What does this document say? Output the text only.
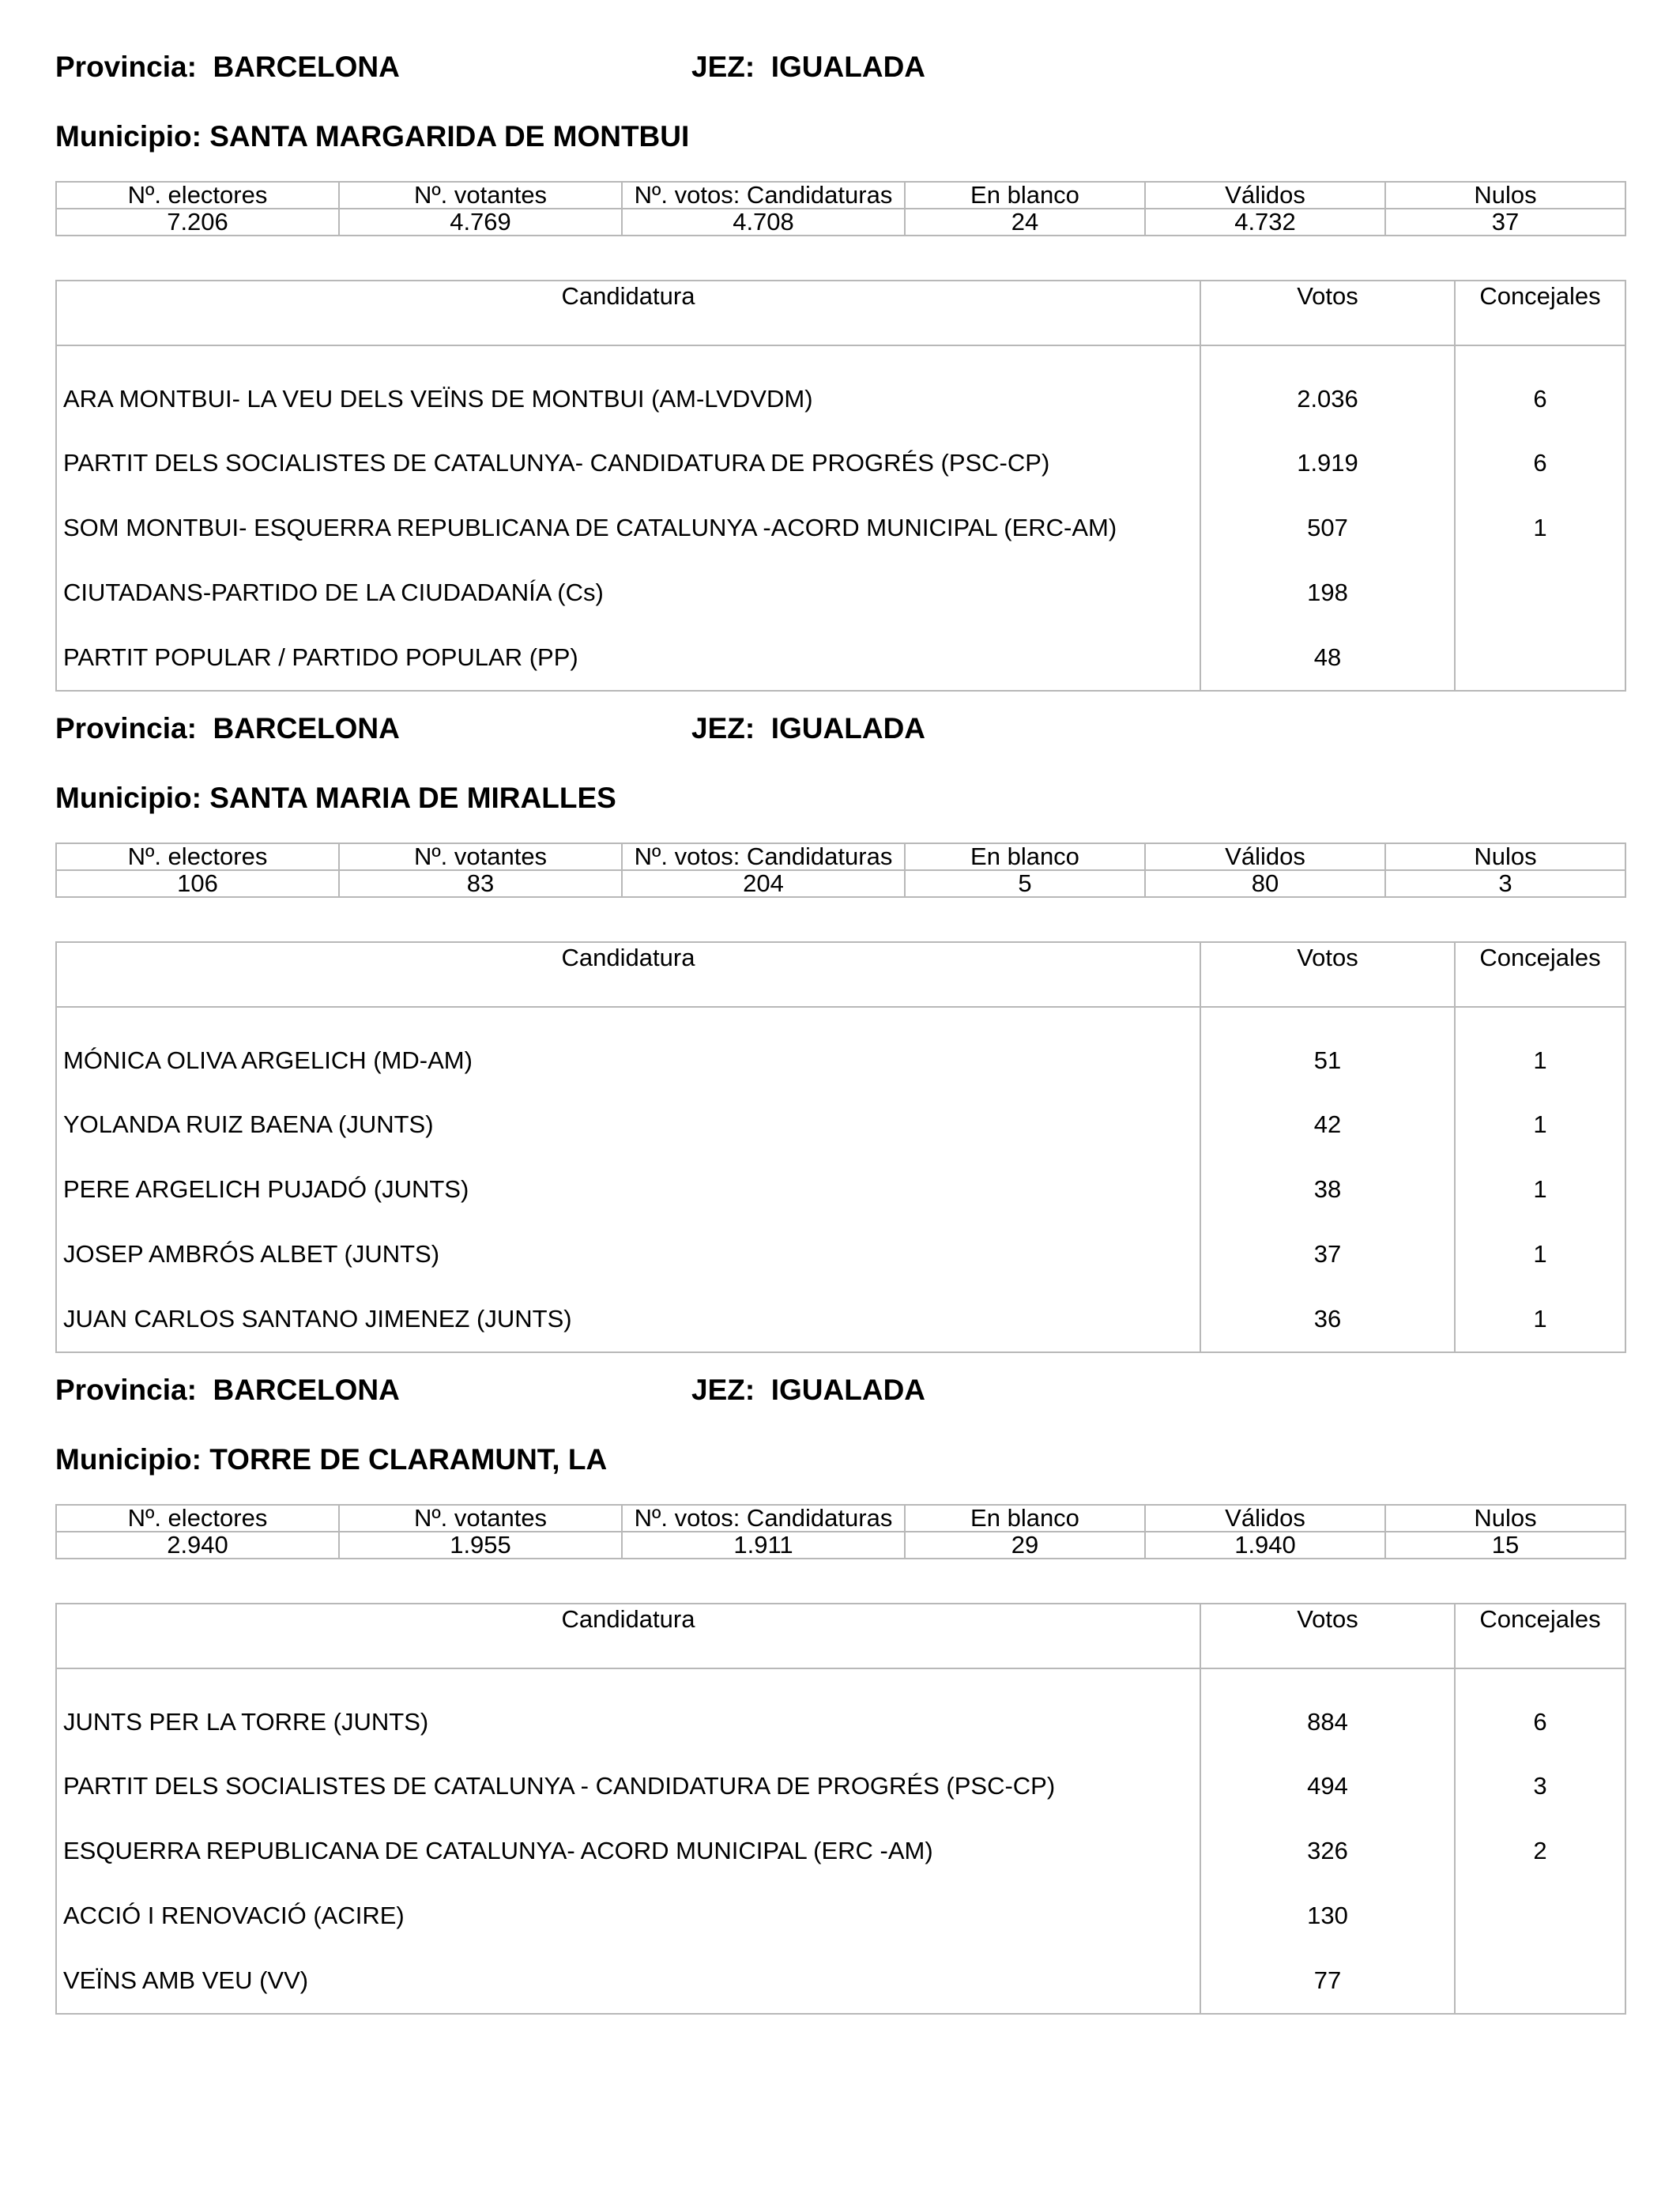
Provincia: BARCELONA	JEZ: IGUALADA
Municipio: SANTA MARGARIDA DE MONTBUI
Nº. electores	Nº. votantes	Nº. votos: Candidaturas	En blanco	Válidos	Nulos
7.206	4.769	4.708	24	4.732	37
Candidatura	Votos	Concejales
ARA MONTBUI- LA VEU DELS VEÏNS DE MONTBUI (AM-LVDVDM)	2.036	6
PARTIT DELS SOCIALISTES DE CATALUNYA- CANDIDATURA DE PROGRÉS (PSC-CP)	1.919	6
SOM MONTBUI- ESQUERRA REPUBLICANA DE CATALUNYA -ACORD MUNICIPAL (ERC-AM)	507	1
CIUTADANS-PARTIDO DE LA CIUDADANÍA (Cs)	198	
PARTIT POPULAR / PARTIDO POPULAR (PP)	48	
Provincia: BARCELONA	JEZ: IGUALADA
Municipio: SANTA MARIA DE MIRALLES
Nº. electores	Nº. votantes	Nº. votos: Candidaturas	En blanco	Válidos	Nulos
106	83	204	5	80	3
Candidatura	Votos	Concejales
MÓNICA OLIVA ARGELICH (MD-AM)	51	1
YOLANDA RUIZ BAENA (JUNTS)	42	1
PERE ARGELICH PUJADÓ (JUNTS)	38	1
JOSEP AMBRÓS ALBET (JUNTS)	37	1
JUAN CARLOS SANTANO JIMENEZ (JUNTS)	36	1
Provincia: BARCELONA	JEZ: IGUALADA
Municipio: TORRE DE CLARAMUNT, LA
Nº. electores	Nº. votantes	Nº. votos: Candidaturas	En blanco	Válidos	Nulos
2.940	1.955	1.911	29	1.940	15
Candidatura	Votos	Concejales
JUNTS PER LA TORRE (JUNTS)	884	6
PARTIT DELS SOCIALISTES DE CATALUNYA - CANDIDATURA DE PROGRÉS (PSC-CP)	494	3
ESQUERRA REPUBLICANA DE CATALUNYA- ACORD MUNICIPAL (ERC -AM)	326	2
ACCIÓ I RENOVACIÓ (ACIRE)	130	
VEÏNS AMB VEU (VV)	77	
